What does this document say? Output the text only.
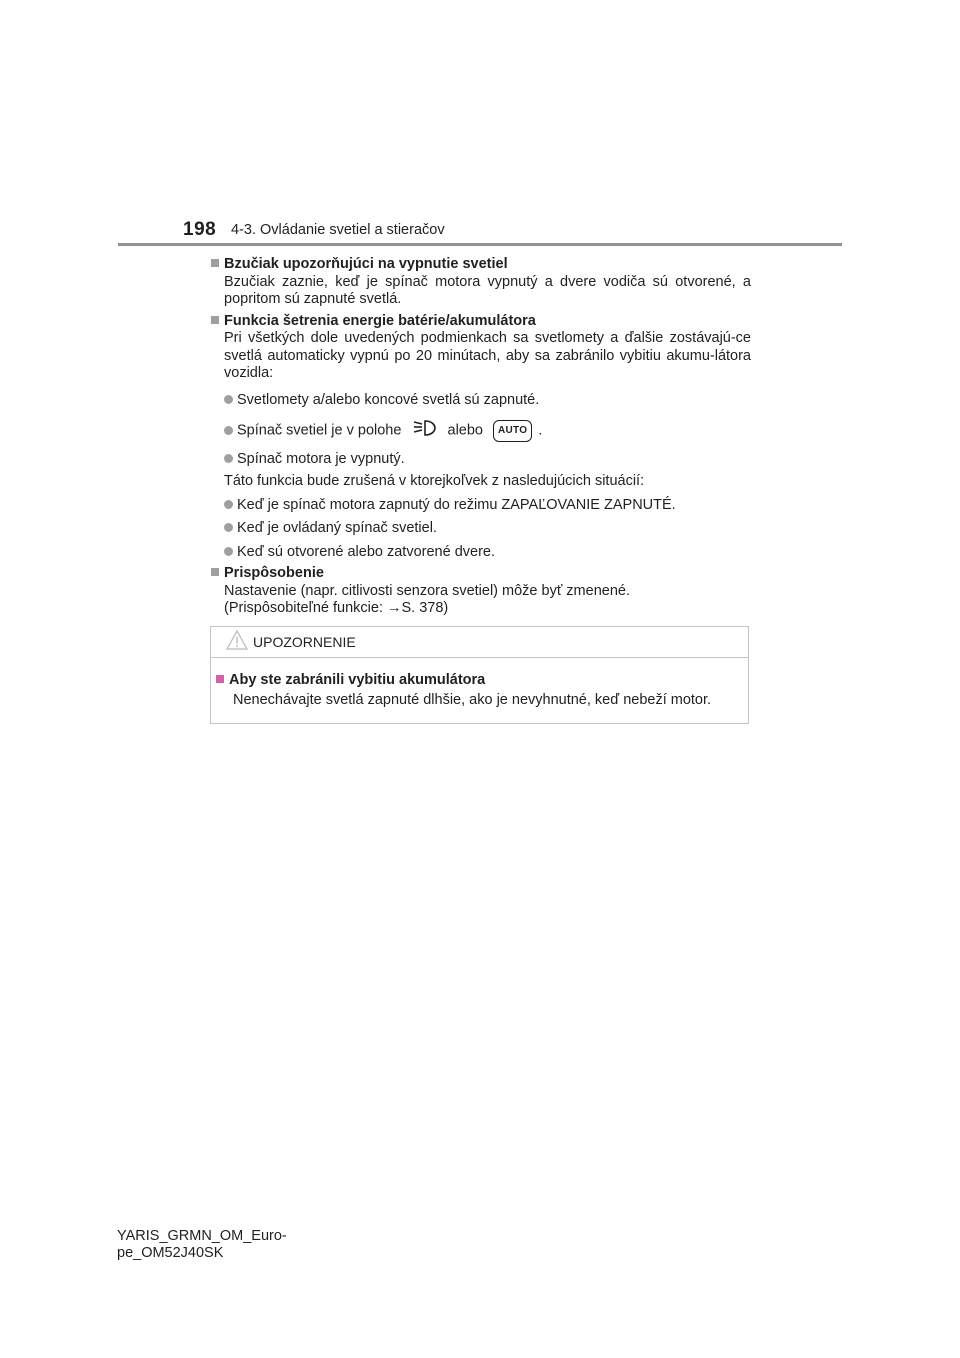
198 4-3. Ovládanie svetiel a stieračov
Bzučiak upozorňujúci na vypnutie svetiel
Bzučiak zaznie, keď je spínač motora vypnutý a dvere vodiča sú otvorené, a popritom sú zapnuté svetlá.
Funkcia šetrenia energie batérie/akumulátora
Pri všetkých dole uvedených podmienkach sa svetlomety a ďalšie zostávajú-ce svetlá automaticky vypnú po 20 minútach, aby sa zabránilo vybitiu akumu-látora vozidla:
Svetlomety a/alebo koncové svetlá sú zapnuté.
Spínač svetiel je v polohe	alebo AUTO .
Spínač motora je vypnutý.
Táto funkcia bude zrušená v ktorejkoľvek z nasledujúcich situácií:
Keď je spínač motora zapnutý do režimu ZAPAĽOVANIE ZAPNUTÉ.
Keď je ovládaný spínač svetiel.
Keď sú otvorené alebo zatvorené dvere.
Prispôsobenie
Nastavenie (napr. citlivosti senzora svetiel) môže byť zmenené.
(Prispôsobiteľné funkcie: →S. 378)
UPOZORNENIE
Aby ste zabránili vybitiu akumulátora
Nenechávajte svetlá zapnuté dlhšie, ako je nevyhnutné, keď nebeží motor.
YARIS_GRMN_OM_Euro-
pe_OM52J40SK
